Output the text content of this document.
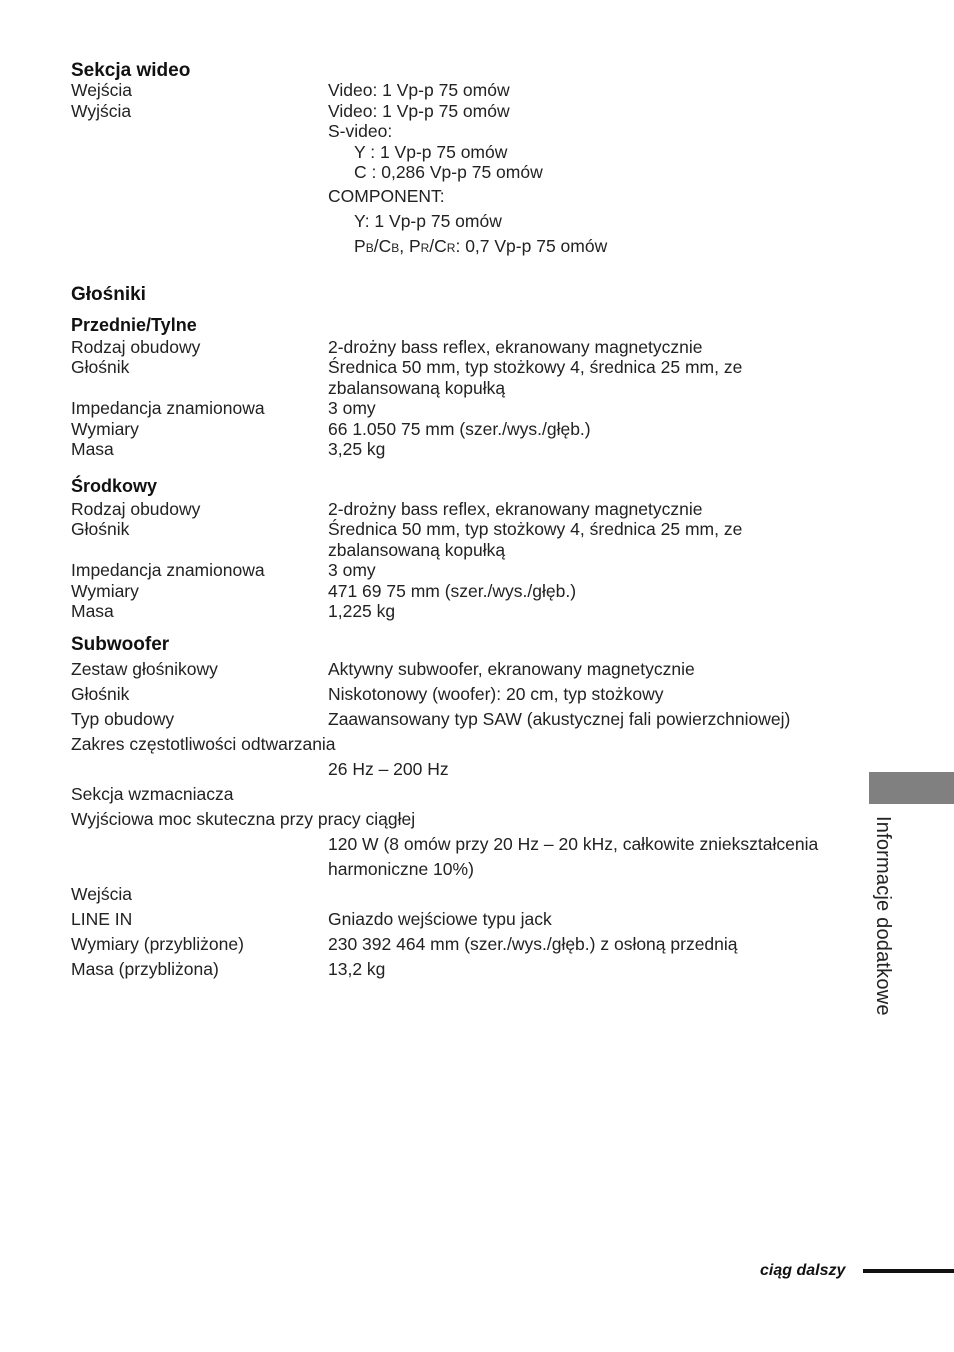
Sekcja wideo
Wejścia	Video: 1 Vp-p 75 omów
Wyjścia	Video: 1 Vp-p 75 omów
S-video:
Y : 1 Vp-p 75 omów
C : 0,286 Vp-p 75 omów
COMPONENT:
Y: 1 Vp-p 75 omów
PB/CB, PR/CR: 0,7 Vp-p 75 omów
Głośniki
Przednie/Tylne
Rodzaj obudowy	2-drożny bass reflex, ekranowany magnetycznie
Głośnik	Średnica 50 mm, typ stożkowy 4, średnica 25 mm, ze
zbalansowaną kopułką
Impedancja znamionowa	3 omy
Wymiary	66 1.050 75 mm (szer./wys./głęb.)
Masa	3,25 kg
Środkowy
Rodzaj obudowy	2-drożny bass reflex, ekranowany magnetycznie
Głośnik	Średnica 50 mm, typ stożkowy 4, średnica 25 mm, ze
zbalansowaną kopułką
Impedancja znamionowa	3 omy
Wymiary	471 69 75 mm (szer./wys./głęb.)
Masa	1,225 kg
Subwoofer
Zestaw głośnikowy	Aktywny subwoofer, ekranowany magnetycznie
Głośnik	Niskotonowy (woofer): 20 cm, typ stożkowy
Typ obudowy	Zaawansowany typ SAW (akustycznej fali powierzchniowej)
Zakres częstotliwości odtwarzania
26 Hz – 200 Hz
Sekcja wzmacniacza
Wyjściowa moc skuteczna przy pracy ciągłej
120 W (8 omów przy 20 Hz – 20 kHz, całkowite zniekształcenia
harmoniczne 10%)
Wejścia
LINE IN	Gniazdo wejściowe typu jack
Wymiary (przybliżone)	230 392 464 mm (szer./wys./głęb.) z osłoną przednią
Masa (przybliżona)	13,2 kg	Informacje dodatkowe
ciąg dalszy
